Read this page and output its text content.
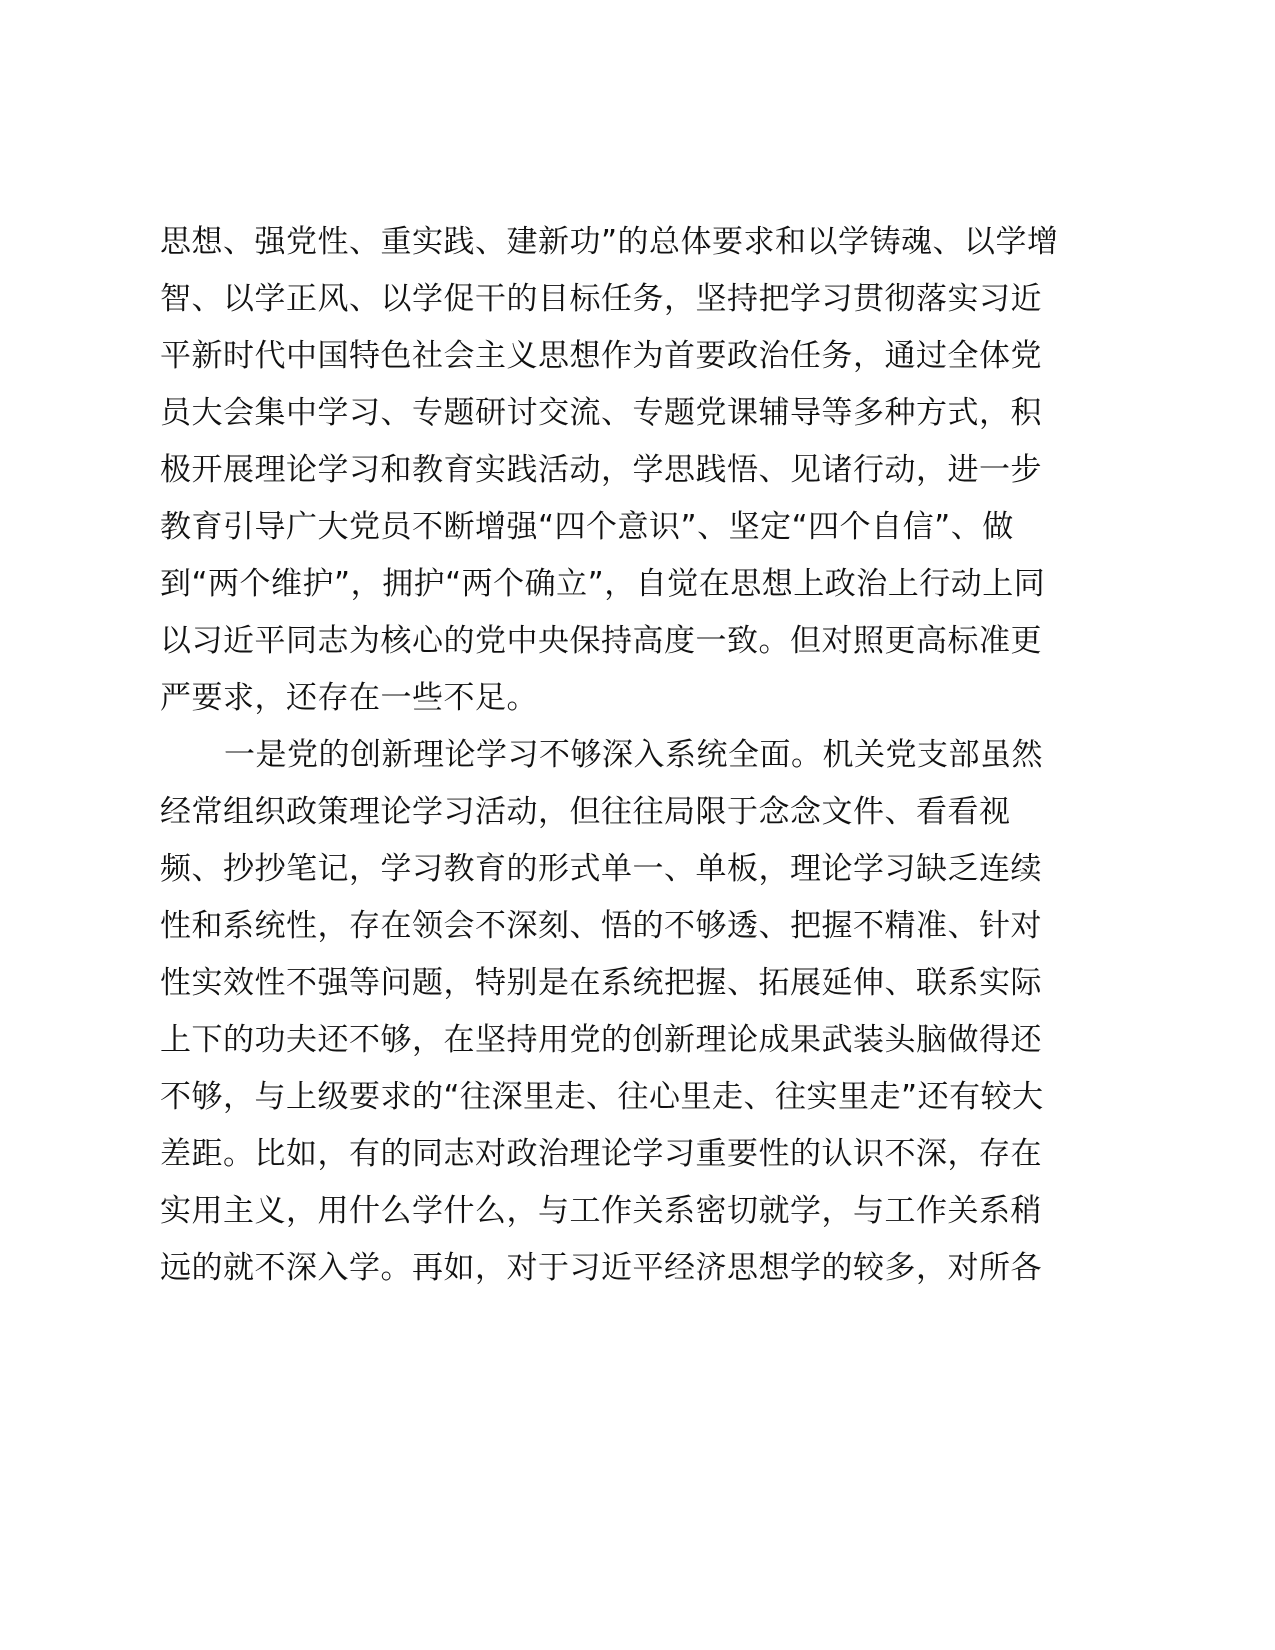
思想、强党性、重实践、建新功”的总体要求和以学铸魂、以学增
智、以学正风、以学促干的目标任务，坚持把学习贯彻落实习近
平新时代中国特色社会主义思想作为首要政治任务，通过全体党
员大会集中学习、专题研讨交流、专题党课辅导等多种方式，积
极开展理论学习和教育实践活动，学思践悟、见诸行动，进一步
教育引导广大党员不断增强“四个意识”、坚定“四个自信”、做
到“两个维护”，拥护“两个确立”，自觉在思想上政治上行动上同
以习近平同志为核心的党中央保持高度一致。但对照更高标准更
严要求，还存在一些不足。
一是党的创新理论学习不够深入系统全面。机关党支部虽然
经常组织政策理论学习活动，但往往局限于念念文件、看看视
频、抄抄笔记，学习教育的形式单一、单板，理论学习缺乏连续
性和系统性，存在领会不深刻、悟的不够透、把握不精准、针对
性实效性不强等问题，特别是在系统把握、拓展延伸、联系实际
上下的功夫还不够，在坚持用党的创新理论成果武装头脑做得还
不够，与上级要求的“往深里走、往心里走、往实里走”还有较大
差距。比如，有的同志对政治理论学习重要性的认识不深，存在
实用主义，用什么学什么，与工作关系密切就学，与工作关系稍
远的就不深入学。再如，对于习近平经济思想学的较多，对所各
